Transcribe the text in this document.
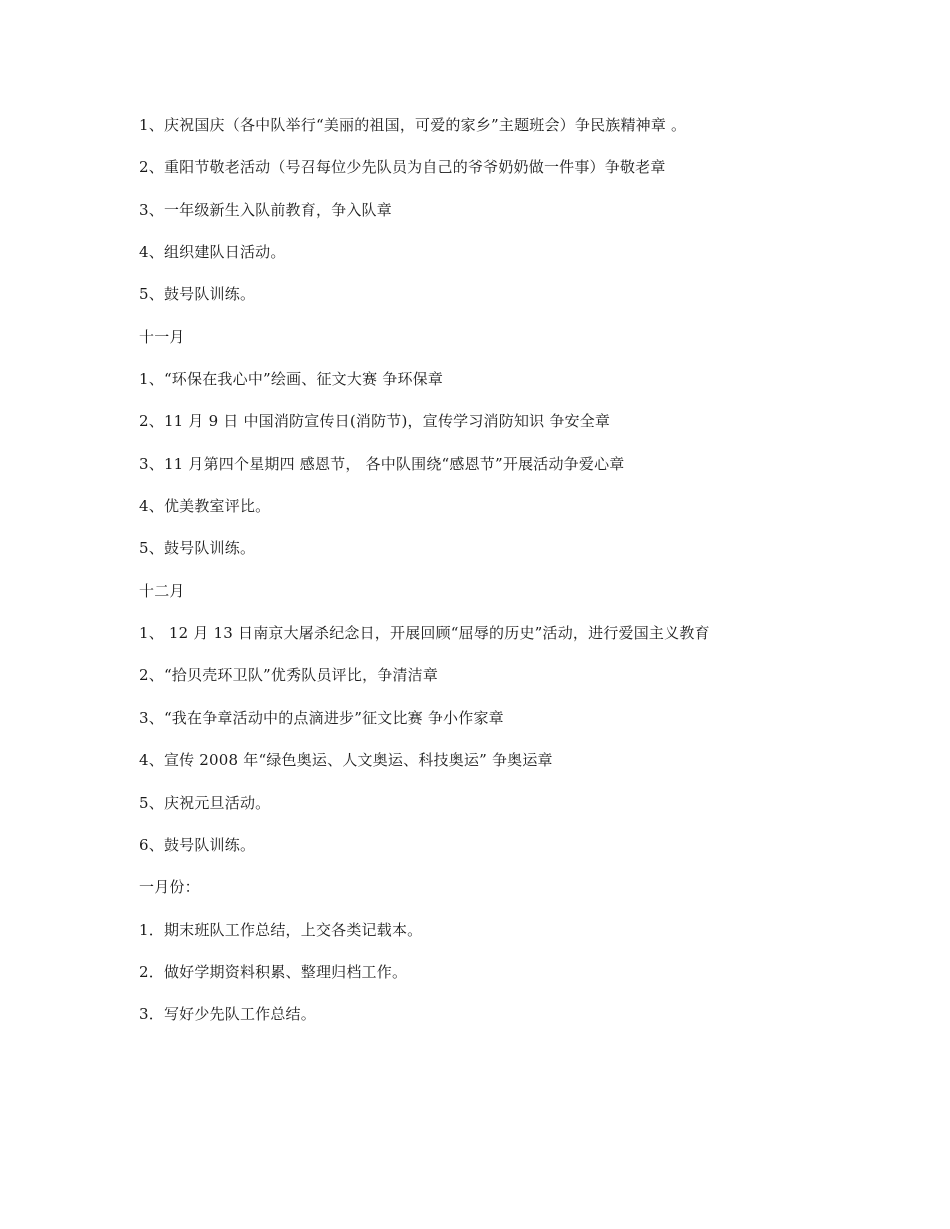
1、庆祝国庆（各中队举行“美丽的祖国，可爱的家乡”主题班会）争民族精神章 。
2、重阳节敬老活动（号召每位少先队员为自己的爷爷奶奶做一件事）争敬老章
3、一年级新生入队前教育，争入队章
4、组织建队日活动。
5、鼓号队训练。
十一月
1、“环保在我心中”绘画、征文大赛 争环保章
2、11 月 9 日 中国消防宣传日(消防节)，宣传学习消防知识 争安全章
3、11 月第四个星期四 感恩节， 各中队围绕“感恩节”开展活动争爱心章
4、优美教室评比。
5、鼓号队训练。
十二月
1、 12 月 13 日南京大屠杀纪念日，开展回顾“屈辱的历史”活动，进行爱国主义教育
2、“拾贝壳环卫队”优秀队员评比，争清洁章
3、“我在争章活动中的点滴进步”征文比赛 争小作家章
4、宣传 2008 年“绿色奥运、人文奥运、科技奥运” 争奥运章
5、庆祝元旦活动。
6、鼓号队训练。
一月份：
1．期末班队工作总结，上交各类记载本。
2．做好学期资料积累、整理归档工作。
3．写好少先队工作总结。
